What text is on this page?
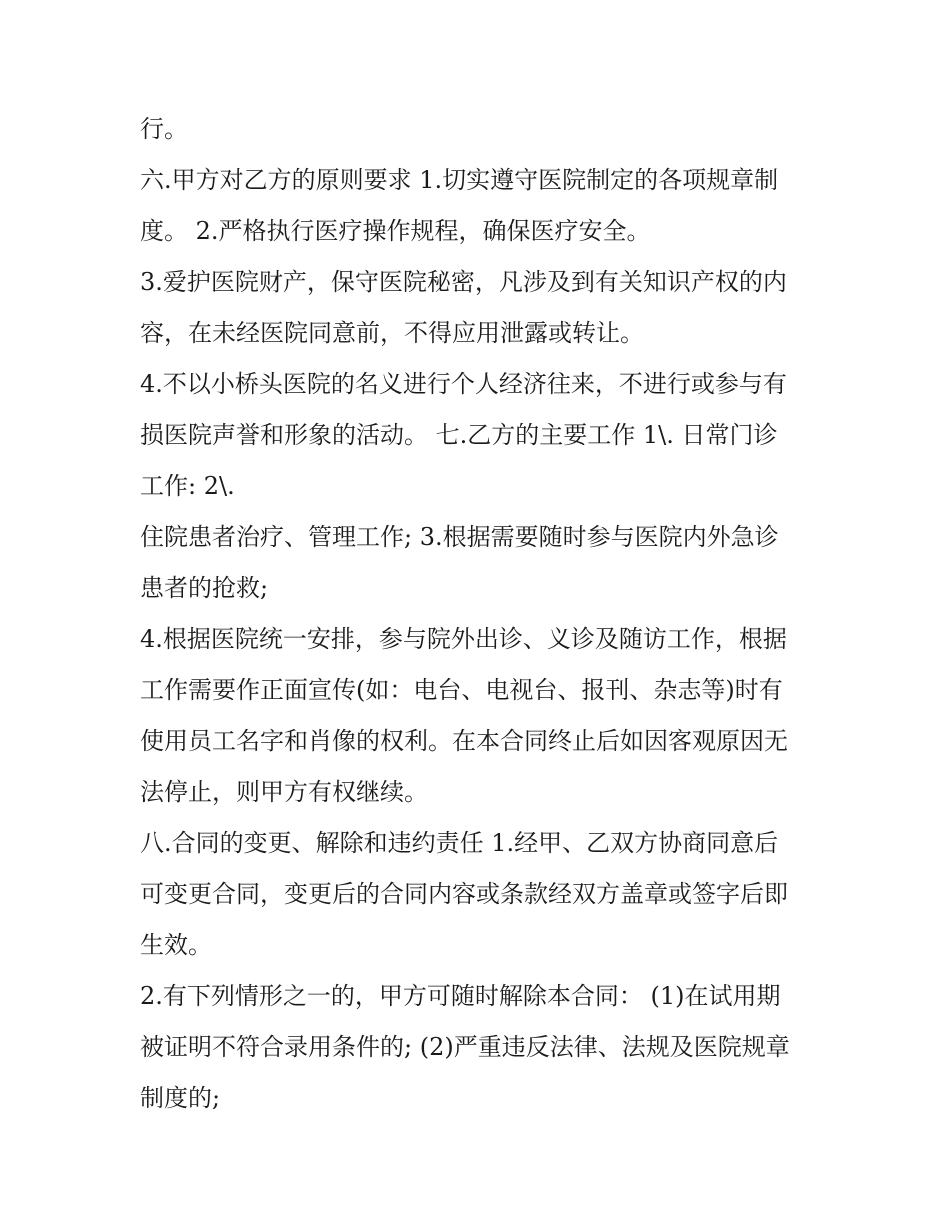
行。
六.甲方对乙方的原则要求 1.切实遵守医院制定的各项规章制
度。 2.严格执行医疗操作规程，确保医疗安全。
3.爱护医院财产，保守医院秘密，凡涉及到有关知识产权的内
容，在未经医院同意前，不得应用泄露或转让。
4.不以小桥头医院的名义进行个人经济往来，不进行或参与有
损医院声誉和形象的活动。 七.乙方的主要工作 1\. 日常门诊
工作: 2\.
住院患者治疗、管理工作; 3.根据需要随时参与医院内外急诊
患者的抢救;
4.根据医院统一安排，参与院外出诊、义诊及随访工作，根据
工作需要作正面宣传(如：电台、电视台、报刊、杂志等)时有
使用员工名字和肖像的权利。在本合同终止后如因客观原因无
法停止，则甲方有权继续。
八.合同的变更、解除和违约责任 1.经甲、乙双方协商同意后
可变更合同，变更后的合同内容或条款经双方盖章或签字后即
生效。
2.有下列情形之一的，甲方可随时解除本合同： (1)在试用期
被证明不符合录用条件的; (2)严重违反法律、法规及医院规章
制度的;
